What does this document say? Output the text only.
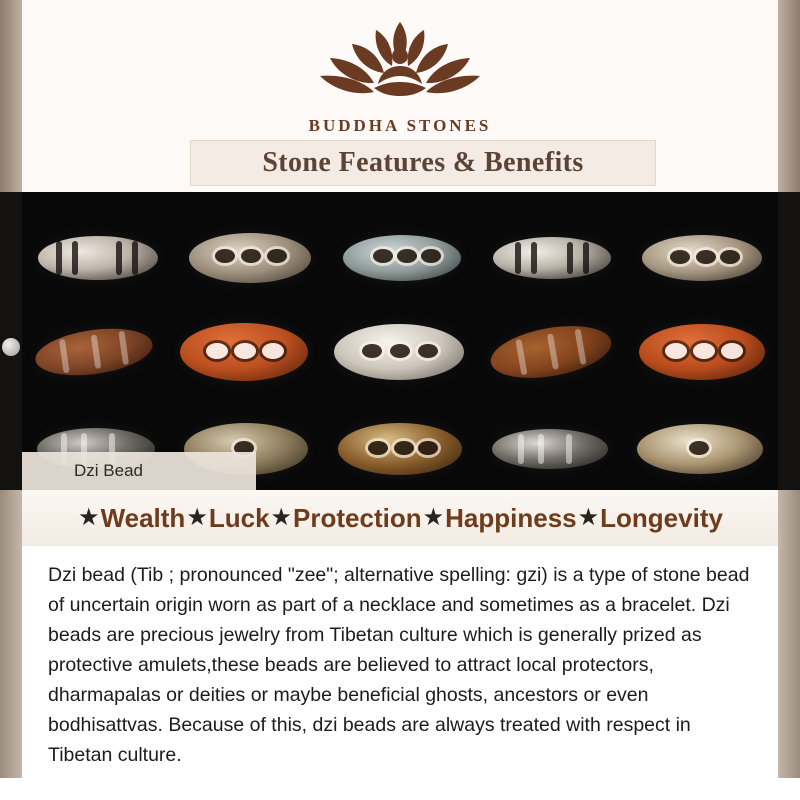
BUDDHA STONES
Stone Features & Benefits
Dzi Bead
★ Wealth ★ Luck ★ Protection ★ Happiness ★ Longevity

Dzi bead (Tib ; pronounced "zee"; alternative spelling: gzi) is a type of stone bead of uncertain origin worn as part of a necklace and sometimes as a bracelet. Dzi beads are precious jewelry from Tibetan culture which is generally prized as protective amulets,these beads are believed to attract local protectors, dharmapalas or deities or maybe beneficial ghosts, ancestors or even bodhisattvas. Because of this, dzi beads are always treated with respect in Tibetan culture.
